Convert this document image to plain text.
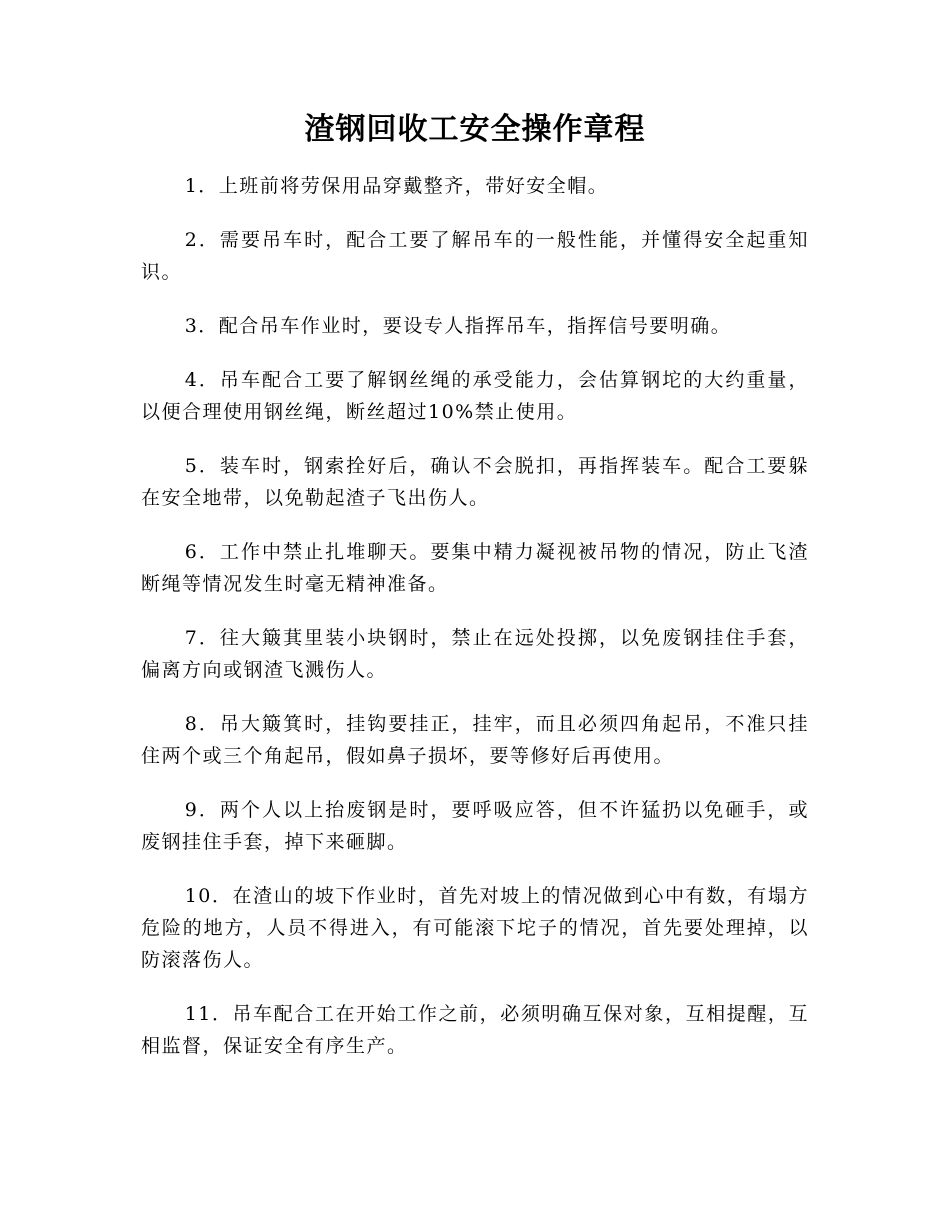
渣钢回收工安全操作章程

1．上班前将劳保用品穿戴整齐，带好安全帽。

2．需要吊车时，配合工要了解吊车的一般性能，并懂得安全起重知识。

3．配合吊车作业时，要设专人指挥吊车，指挥信号要明确。

4．吊车配合工要了解钢丝绳的承受能力，会估算钢坨的大约重量，以便合理使用钢丝绳，断丝超过10%禁止使用。

5．装车时，钢索拴好后，确认不会脱扣，再指挥装车。配合工要躲在安全地带，以免勒起渣子飞出伤人。

6．工作中禁止扎堆聊天。要集中精力凝视被吊物的情况，防止飞渣断绳等情况发生时毫无精神准备。

7．往大簸萁里装小块钢时，禁止在远处投掷，以免废钢挂住手套，偏离方向或钢渣飞溅伤人。

8．吊大簸箕时，挂钩要挂正，挂牢，而且必须四角起吊，不准只挂住两个或三个角起吊，假如鼻子损坏，要等修好后再使用。

9．两个人以上抬废钢是时，要呼吸应答，但不许猛扔以免砸手，或废钢挂住手套，掉下来砸脚。

10．在渣山的坡下作业时，首先对坡上的情况做到心中有数，有塌方危险的地方，人员不得进入，有可能滚下坨子的情况，首先要处理掉，以防滚落伤人。

11．吊车配合工在开始工作之前，必须明确互保对象，互相提醒，互相监督，保证安全有序生产。
